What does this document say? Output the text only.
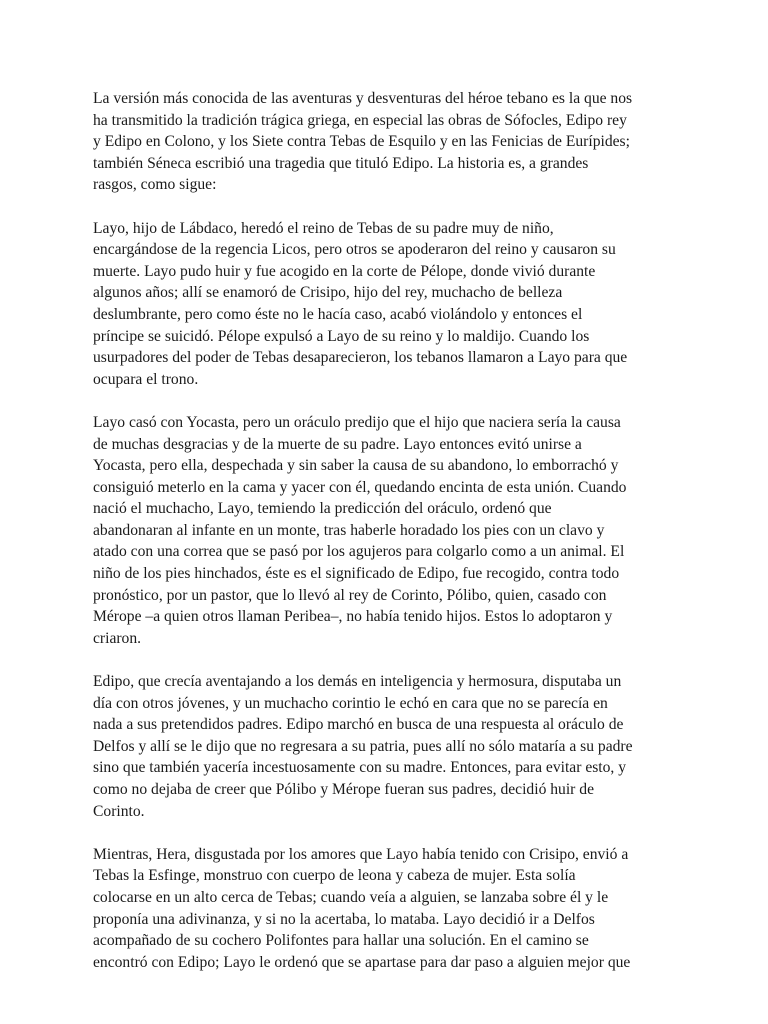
La versión más conocida de las aventuras y desventuras del héroe tebano es la que nos
ha transmitido la tradición trágica griega, en especial las obras de Sófocles, Edipo rey
y Edipo en Colono, y los Siete contra Tebas de Esquilo y en las Fenicias de Eurípides;
también Séneca escribió una tragedia que tituló Edipo. La historia es, a grandes
rasgos, como sigue:

Layo, hijo de Lábdaco, heredó el reino de Tebas de su padre muy de niño,
encargándose de la regencia Licos, pero otros se apoderaron del reino y causaron su
muerte. Layo pudo huir y fue acogido en la corte de Pélope, donde vivió durante
algunos años; allí se enamoró de Crisipo, hijo del rey, muchacho de belleza
deslumbrante, pero como éste no le hacía caso, acabó violándolo y entonces el
príncipe se suicidó. Pélope expulsó a Layo de su reino y lo maldijo. Cuando los
usurpadores del poder de Tebas desaparecieron, los tebanos llamaron a Layo para que
ocupara el trono.

Layo casó con Yocasta, pero un oráculo predijo que el hijo que naciera sería la causa
de muchas desgracias y de la muerte de su padre. Layo entonces evitó unirse a
Yocasta, pero ella, despechada y sin saber la causa de su abandono, lo emborrachó y
consiguió meterlo en la cama y yacer con él, quedando encinta de esta unión. Cuando
nació el muchacho, Layo, temiendo la predicción del oráculo, ordenó que
abandonaran al infante en un monte, tras haberle horadado los pies con un clavo y
atado con una correa que se pasó por los agujeros para colgarlo como a un animal. El
niño de los pies hinchados, éste es el significado de Edipo, fue recogido, contra todo
pronóstico, por un pastor, que lo llevó al rey de Corinto, Pólibo, quien, casado con
Mérope –a quien otros llaman Peribea–, no había tenido hijos. Estos lo adoptaron y
criaron.

Edipo, que crecía aventajando a los demás en inteligencia y hermosura, disputaba un
día con otros jóvenes, y un muchacho corintio le echó en cara que no se parecía en
nada a sus pretendidos padres. Edipo marchó en busca de una respuesta al oráculo de
Delfos y allí se le dijo que no regresara a su patria, pues allí no sólo mataría a su padre
sino que también yacería incestuosamente con su madre. Entonces, para evitar esto, y
como no dejaba de creer que Pólibo y Mérope fueran sus padres, decidió huir de
Corinto.

Mientras, Hera, disgustada por los amores que Layo había tenido con Crisipo, envió a
Tebas la Esfinge, monstruo con cuerpo de leona y cabeza de mujer. Esta solía
colocarse en un alto cerca de Tebas; cuando veía a alguien, se lanzaba sobre él y le
proponía una adivinanza, y si no la acertaba, lo mataba. Layo decidió ir a Delfos
acompañado de su cochero Polifontes para hallar una solución. En el camino se
encontró con Edipo; Layo le ordenó que se apartase para dar paso a alguien mejor que
